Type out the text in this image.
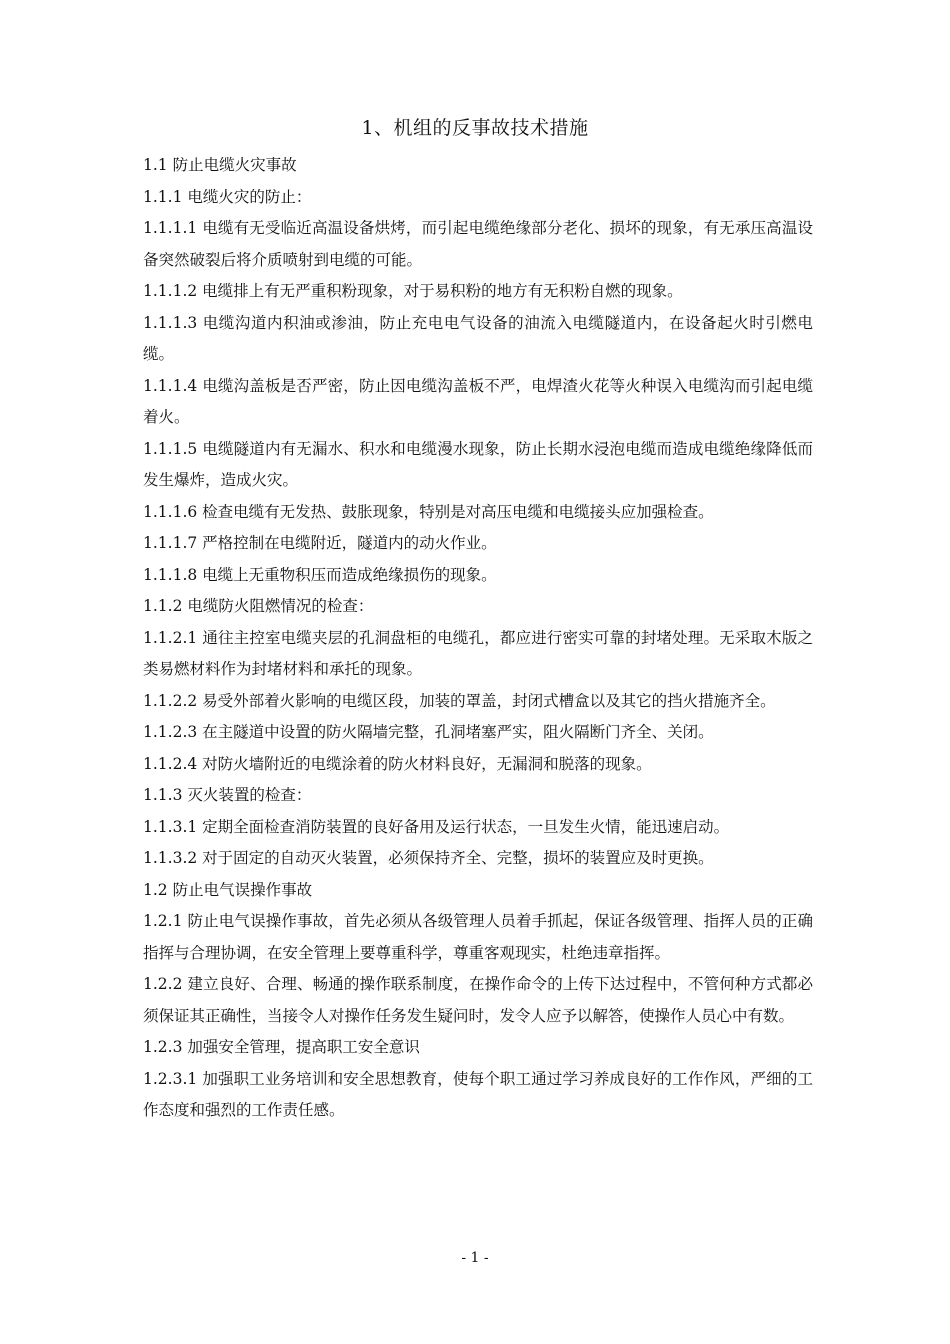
1、机组的反事故技术措施

1.1 防止电缆火灾事故

1.1.1 电缆火灾的防止：

1.1.1.1 电缆有无受临近高温设备烘烤，而引起电缆绝缘部分老化、损坏的现象，有无承压高温设备突然破裂后将介质喷射到电缆的可能。

1.1.1.2 电缆排上有无严重积粉现象，对于易积粉的地方有无积粉自燃的现象。

1.1.1.3 电缆沟道内积油或渗油，防止充电电气设备的油流入电缆隧道内，在设备起火时引燃电缆。

1.1.1.4 电缆沟盖板是否严密，防止因电缆沟盖板不严，电焊渣火花等火种误入电缆沟而引起电缆着火。

1.1.1.5 电缆隧道内有无漏水、积水和电缆漫水现象，防止长期水浸泡电缆而造成电缆绝缘降低而发生爆炸，造成火灾。

1.1.1.6 检查电缆有无发热、鼓胀现象，特别是对高压电缆和电缆接头应加强检查。

1.1.1.7 严格控制在电缆附近，隧道内的动火作业。

1.1.1.8 电缆上无重物积压而造成绝缘损伤的现象。

1.1.2 电缆防火阻燃情况的检查：

1.1.2.1 通往主控室电缆夹层的孔洞盘柜的电缆孔，都应进行密实可靠的封堵处理。无采取木版之类易燃材料作为封堵材料和承托的现象。

1.1.2.2 易受外部着火影响的电缆区段，加装的罩盖，封闭式槽盒以及其它的挡火措施齐全。

1.1.2.3 在主隧道中设置的防火隔墙完整，孔洞堵塞严实，阻火隔断门齐全、关闭。

1.1.2.4 对防火墙附近的电缆涂着的防火材料良好，无漏洞和脱落的现象。

1.1.3 灭火装置的检查：

1.1.3.1 定期全面检查消防装置的良好备用及运行状态，一旦发生火情，能迅速启动。

1.1.3.2 对于固定的自动灭火装置，必须保持齐全、完整，损坏的装置应及时更换。

1.2 防止电气误操作事故

1.2.1 防止电气误操作事故，首先必须从各级管理人员着手抓起，保证各级管理、指挥人员的正确指挥与合理协调，在安全管理上要尊重科学，尊重客观现实，杜绝违章指挥。

1.2.2 建立良好、合理、畅通的操作联系制度，在操作命令的上传下达过程中，不管何种方式都必须保证其正确性，当接令人对操作任务发生疑问时，发令人应予以解答，使操作人员心中有数。

1.2.3 加强安全管理，提高职工安全意识

1.2.3.1 加强职工业务培训和安全思想教育，使每个职工通过学习养成良好的工作作风，严细的工作态度和强烈的工作责任感。

- 1 -
